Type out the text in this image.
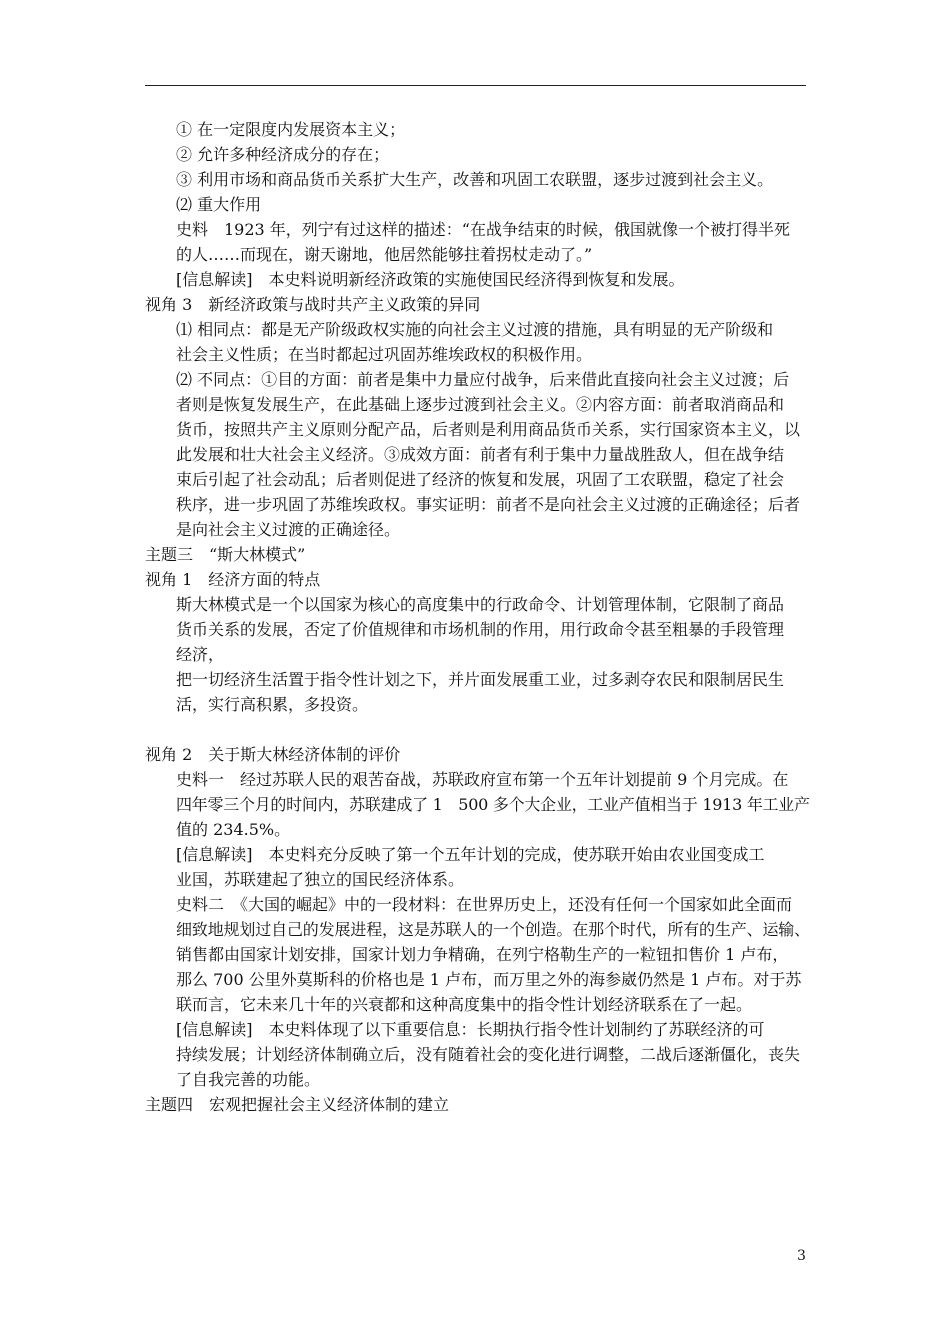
① 在一定限度内发展资本主义；
② 允许多种经济成分的存在；
③ 利用市场和商品货币关系扩大生产，改善和巩固工农联盟，逐步过渡到社会主义。
⑵ 重大作用
史料　1923 年，列宁有过这样的描述：“在战争结束的时候，俄国就像一个被打得半死
的人……而现在，谢天谢地，他居然能够拄着拐杖走动了。”
[信息解读]　本史料说明新经济政策的实施使国民经济得到恢复和发展。
视角 3　新经济政策与战时共产主义政策的异同
⑴ 相同点：都是无产阶级政权实施的向社会主义过渡的措施，具有明显的无产阶级和
社会主义性质；在当时都起过巩固苏维埃政权的积极作用。
⑵ 不同点：①目的方面：前者是集中力量应付战争，后来借此直接向社会主义过渡；后
者则是恢复发展生产，在此基础上逐步过渡到社会主义。②内容方面：前者取消商品和
货币，按照共产主义原则分配产品，后者则是利用商品货币关系，实行国家资本主义，以
此发展和壮大社会主义经济。③成效方面：前者有利于集中力量战胜敌人，但在战争结
束后引起了社会动乱；后者则促进了经济的恢复和发展，巩固了工农联盟，稳定了社会
秩序，进一步巩固了苏维埃政权。事实证明：前者不是向社会主义过渡的正确途径；后者
是向社会主义过渡的正确途径。
主题三　“斯大林模式”
视角 1　经济方面的特点
斯大林模式是一个以国家为核心的高度集中的行政命令、计划管理体制，它限制了商品
货币关系的发展，否定了价值规律和市场机制的作用，用行政命令甚至粗暴的手段管理
经济，
把一切经济生活置于指令性计划之下，并片面发展重工业，过多剥夺农民和限制居民生
活，实行高积累，多投资。
视角 2　关于斯大林经济体制的评价
史料一　经过苏联人民的艰苦奋战，苏联政府宣布第一个五年计划提前 9 个月完成。在
四年零三个月的时间内，苏联建成了 1　500 多个大企业，工业产值相当于 1913 年工业产
值的 234.5%。
[信息解读]　本史料充分反映了第一个五年计划的完成，使苏联开始由农业国变成工
业国，苏联建起了独立的国民经济体系。
史料二　《大国的崛起》中的一段材料：在世界历史上，还没有任何一个国家如此全面而
细致地规划过自己的发展进程，这是苏联人的一个创造。在那个时代，所有的生产、运输、
销售都由国家计划安排，国家计划力争精确，在列宁格勒生产的一粒钮扣售价 1 卢布，
那么 700 公里外莫斯科的价格也是 1 卢布，而万里之外的海参崴仍然是 1 卢布。对于苏
联而言，它未来几十年的兴衰都和这种高度集中的指令性计划经济联系在了一起。
[信息解读]　本史料体现了以下重要信息：长期执行指令性计划制约了苏联经济的可
持续发展；计划经济体制确立后，没有随着社会的变化进行调整，二战后逐渐僵化，丧失
了自我完善的功能。
主题四　宏观把握社会主义经济体制的建立
3
